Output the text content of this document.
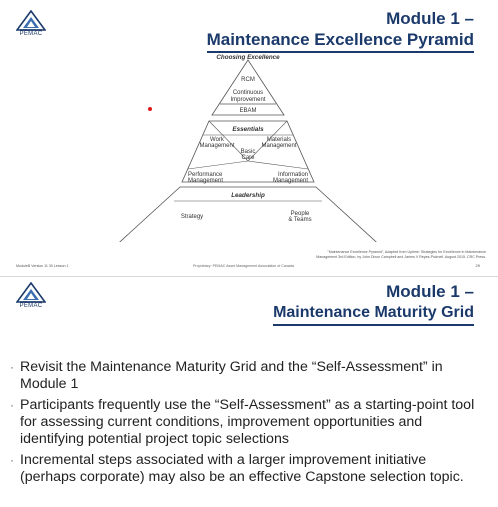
PEMAC
Module 1 –
Maintenance Excellence Pyramid
Choosing Excellence
RCM
Continuous
Improvement
EBAM
Essentials
Work
Management
Materials
Management
Basic
Care
Performance
Management
Information
Management
Leadership
Strategy	People
& Teams
"Maintenance Excellence Pyramid", Adapted from Uptime: Strategies for Excellence in Maintenance
Management 3rd Edition, by John Dixon Campbell and James V Reyes-Picknell. August 2015. CRC Press.
ModuleB Version 11 30 Lesson 1	Proprietary: PEMAC Asset Management Association of Canada	29
PEMAC
Module 1 –
Maintenance Maturity Grid
· Revisit the Maintenance Maturity Grid and the “Self-Assessment” in Module 1
· Participants frequently use the “Self-Assessment” as a starting-point tool for assessing current conditions, improvement opportunities and identifying potential project topic selections
· Incremental steps associated with a larger improvement initiative (perhaps corporate) may also be an effective Capstone selection topic.
